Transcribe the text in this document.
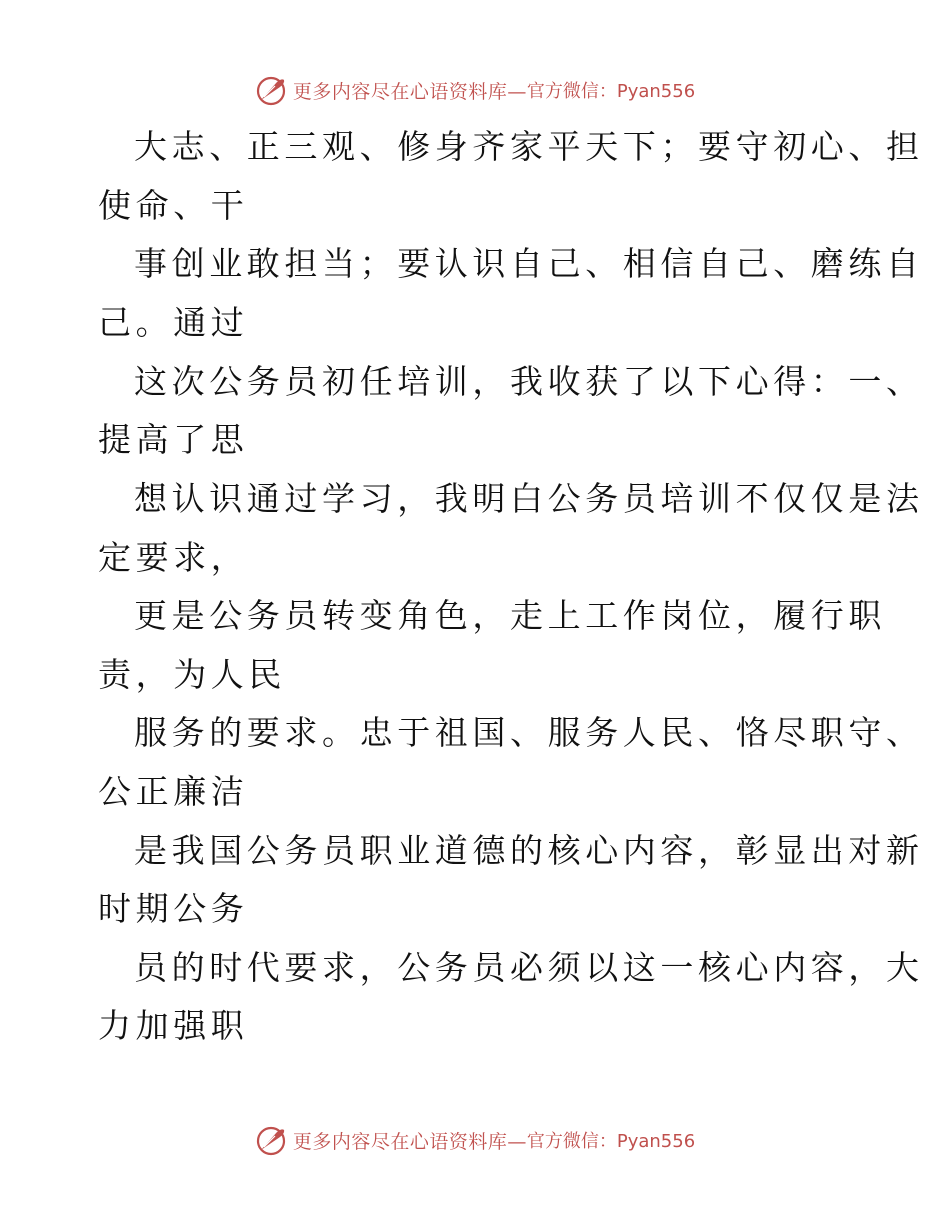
更多内容尽在心语资料库— 官方微信：Pyan556
大志、正三观、修身齐家平天下；要守初心、担
使命、干
事创业敢担当；要认识自己、相信自己、磨练自
己。通过
这次公务员初任培训，我收获了以下心得：一、
提高了思
想认识通过学习，我明白公务员培训不仅仅是法
定要求，
更是公务员转变角色，走上工作岗位，履行职
责，为人民
服务的要求。忠于祖国、服务人民、恪尽职守、
公正廉洁
是我国公务员职业道德的核心内容，彰显出对新
时期公务
员的时代要求，公务员必须以这一核心内容，大
力加强职
更多内容尽在心语资料库— 官方微信：Pyan556
